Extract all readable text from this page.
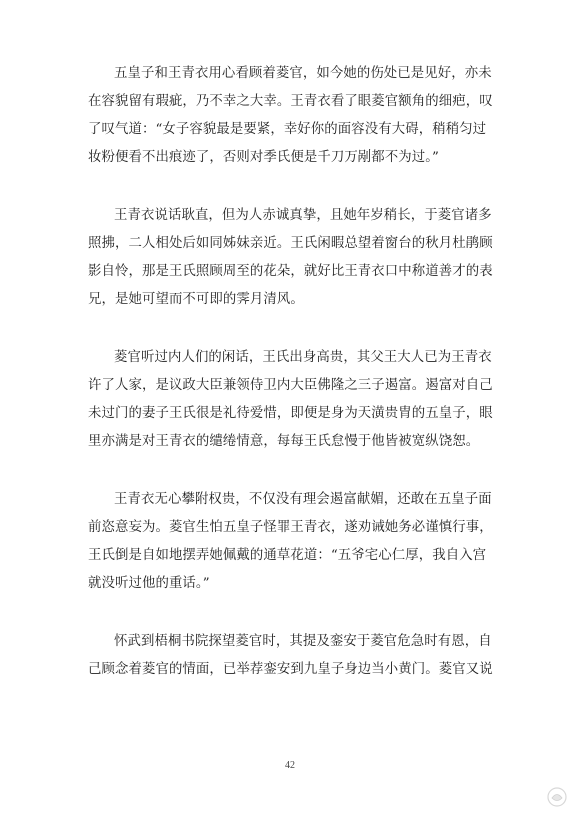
五皇子和王青衣用心看顾着菱官，如今她的伤处已是见好，亦未
在容貌留有瑕疵，乃不幸之大幸。王青衣看了眼菱官额角的细疤，叹
了叹气道：“女子容貌最是要紧，幸好你的面容没有大碍，稍稍匀过
妆粉便看不出痕迹了，否则对季氏便是千刀万剐都不为过。”

王青衣说话耿直，但为人赤诚真挚，且她年岁稍长，于菱官诸多
照拂，二人相处后如同姊妹亲近。王氏闲暇总望着窗台的秋月杜鹃顾
影自怜，那是王氏照顾周至的花朵，就好比王青衣口中称道善才的表
兄，是她可望而不可即的霁月清风。

菱官听过内人们的闲话，王氏出身高贵，其父王大人已为王青衣
许了人家，是议政大臣兼领侍卫内大臣佛隆之三子遏富。遏富对自己
未过门的妻子王氏很是礼待爱惜，即便是身为天潢贵胄的五皇子，眼
里亦满是对王青衣的缱绻情意，每每王氏怠慢于他皆被宽纵饶恕。

王青衣无心攀附权贵，不仅没有理会遏富献媚，还敢在五皇子面
前恣意妄为。菱官生怕五皇子怪罪王青衣，遂劝诫她务必谨慎行事，
王氏倒是自如地摆弄她佩戴的通草花道：“五爷宅心仁厚，我自入宫
就没听过他的重话。”

怀武到梧桐书院探望菱官时，其提及銮安于菱官危急时有恩，自
己顾念着菱官的情面，已举荐銮安到九皇子身边当小黄门。菱官又说

42
